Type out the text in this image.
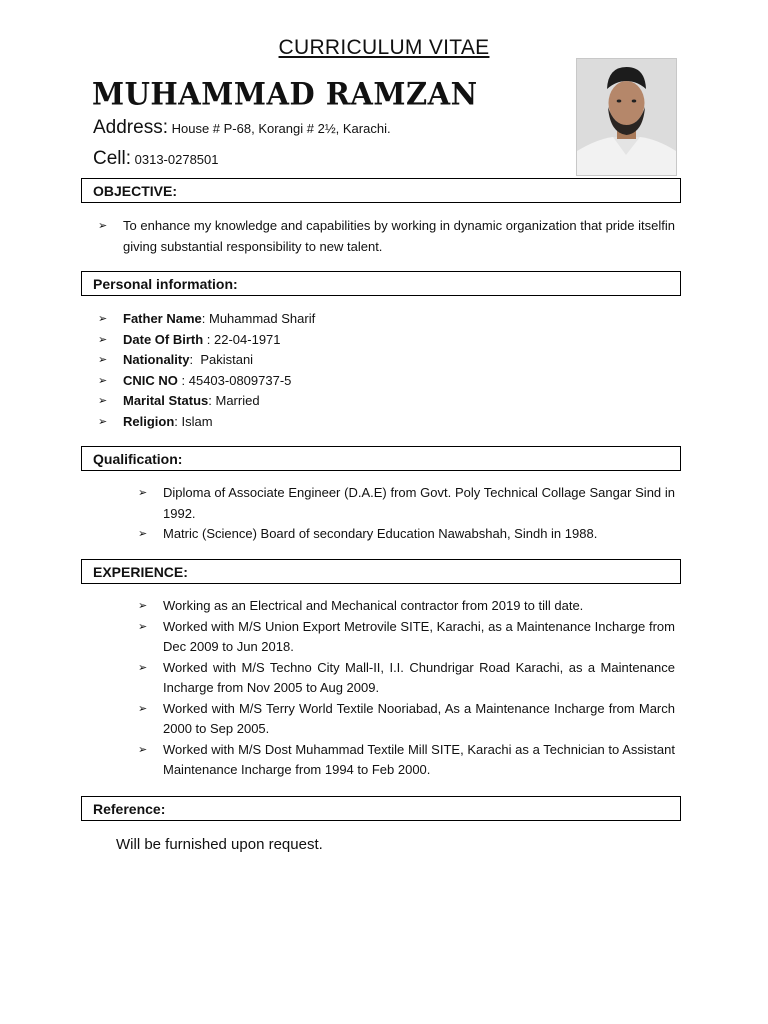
CURRICULUM VITAE
MUHAMMAD RAMZAN
Address: House # P-68, Korangi # 2½, Karachi.
Cell: 0313-0278501
OBJECTIVE:
➢ To enhance my knowledge and capabilities by working in dynamic organization that pride itselfin giving substantial responsibility to new talent.
Personal information:
➢ Father Name: Muhammad Sharif
➢ Date Of Birth : 22-04-1971
➢ Nationality:  Pakistani
➢ CNIC NO : 45403-0809737-5
➢ Marital Status: Married
➢ Religion: Islam
Qualification:
➢ Diploma of Associate Engineer (D.A.E) from Govt. Poly Technical Collage Sangar Sind in 1992.
➢ Matric (Science) Board of secondary Education Nawabshah, Sindh in 1988.
EXPERIENCE:
➢ Working as an Electrical and Mechanical contractor from 2019 to till date.
➢ Worked with M/S Union Export Metrovile SITE, Karachi, as a Maintenance Incharge from Dec 2009 to Jun 2018.
➢ Worked with M/S Techno City Mall-II, I.I. Chundrigar Road Karachi, as a Maintenance Incharge from Nov 2005 to Aug 2009.
➢ Worked with M/S Terry World Textile Nooriabad, As a Maintenance Incharge from March 2000 to Sep 2005.
➢ Worked with M/S Dost Muhammad Textile Mill SITE, Karachi as a Technician to Assistant Maintenance Incharge from 1994 to Feb 2000.
Reference:
Will be furnished upon request.
